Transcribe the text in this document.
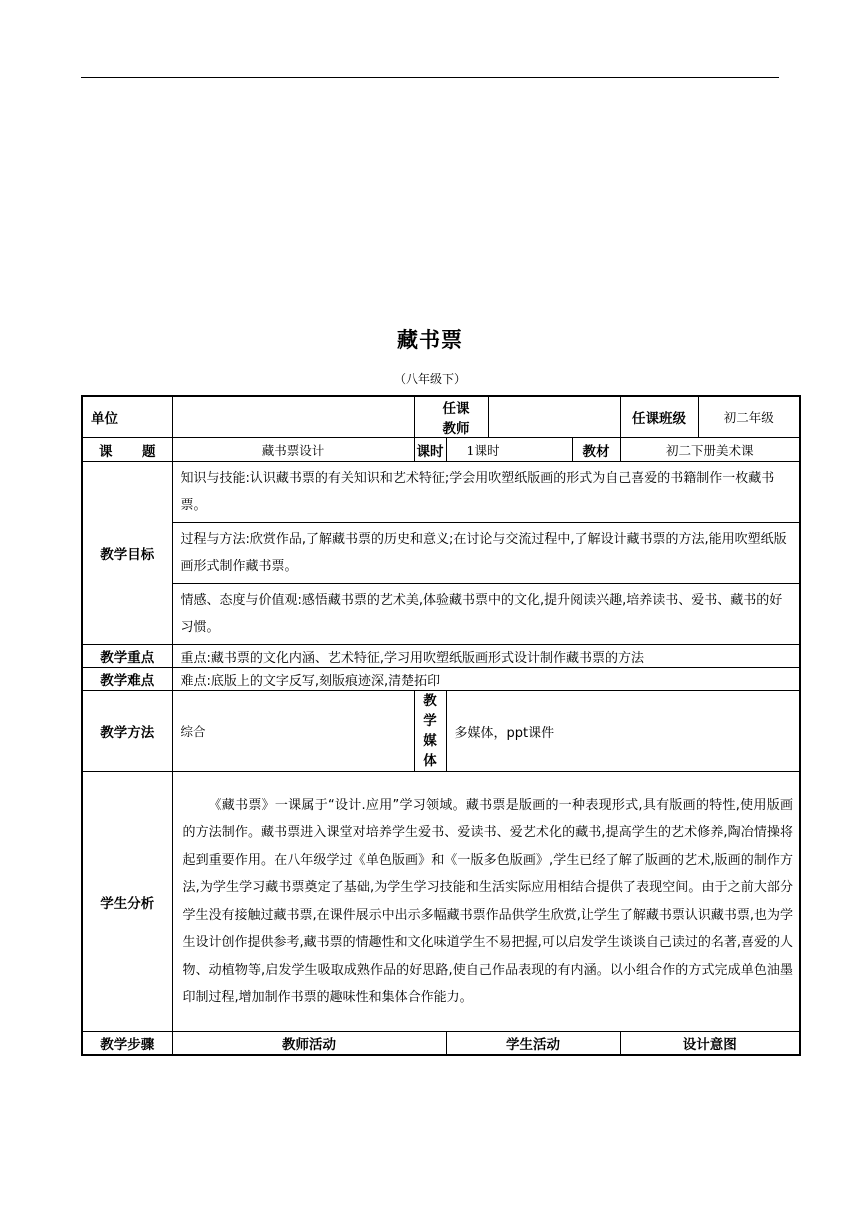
藏书票
（八年级下）
单位		任课教师				任课班级	初二年级
课 题	藏书票设计	课时	1课时		教材	初二下册美术课	
教学目标	知识与技能:认识藏书票的有关知识和艺术特征;学会用吹塑纸版画的形式为自己喜爱的书籍制作一枚藏书票。						
	过程与方法:欣赏作品,了解藏书票的历史和意义;在讨论与交流过程中,了解设计藏书票的方法,能用吹塑纸版画形式制作藏书票。						
	情感、态度与价值观:感悟藏书票的艺术美,体验藏书票中的文化,提升阅读兴趣,培养读书、爱书、藏书的好习惯。						
教学重点	重点:藏书票的文化内涵、艺术特征,学习用吹塑纸版画形式设计制作藏书票的方法						
教学难点	难点:底版上的文字反写,刻版痕迹深,清楚拓印						
教学方法	综合	教 学 媒体	多媒体，ppt课件				
学生分析	《藏书票》一课属于“设计.应用”学习领域。藏书票是版画的一种表现形式,具有版画的特性,使用版画的方法制作。藏书票进入课堂对培养学生爱书、爱读书、爱艺术化的藏书,提高学生的艺术修养,陶冶情操将起到重要作用。在八年级学过《单色版画》和《一版多色版画》,学生已经了解了版画的艺术,版画的制作方法,为学生学习藏书票奠定了基础,为学生学习技能和生活实际应用相结合提供了表现空间。由于之前大部分学生没有接触过藏书票,在课件展示中出示多幅藏书票作品供学生欣赏,让学生了解藏书票认识藏书票,也为学生设计创作提供参考,藏书票的情趣性和文化味道学生不易把握,可以启发学生谈谈自己读过的名著,喜爱的人物、动植物等,启发学生吸取成熟作品的好思路,使自己作品表现的有内涵。以小组合作的方式完成单色油墨印制过程,增加制作书票的趣味性和集体合作能力。						
教学步骤	教师活动		学生活动			设计意图	
